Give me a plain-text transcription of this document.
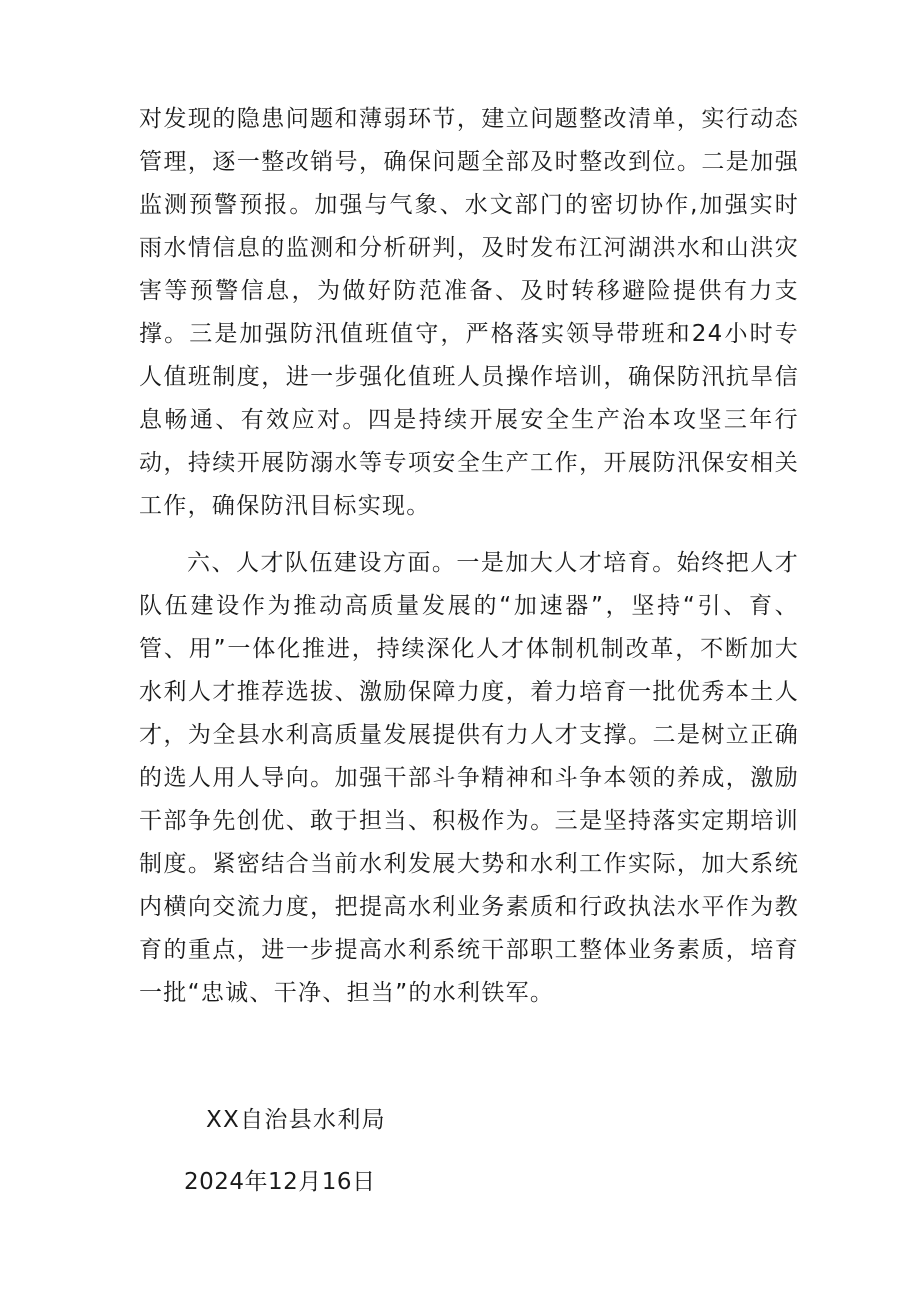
对发现的隐患问题和薄弱环节，建立问题整改清单，实行动态管理，逐一整改销号，确保问题全部及时整改到位。二是加强监测预警预报。加强与气象、水文部门的密切协作,加强实时雨水情信息的监测和分析研判，及时发布江河湖洪水和山洪灾害等预警信息，为做好防范准备、及时转移避险提供有力支撑。三是加强防汛值班值守，严格落实领导带班和24小时专人值班制度，进一步强化值班人员操作培训，确保防汛抗旱信息畅通、有效应对。四是持续开展安全生产治本攻坚三年行动，持续开展防溺水等专项安全生产工作，开展防汛保安相关工作，确保防汛目标实现。

六、人才队伍建设方面。一是加大人才培育。始终把人才队伍建设作为推动高质量发展的“加速器”，坚持“引、育、管、用”一体化推进，持续深化人才体制机制改革，不断加大水利人才推荐选拔、激励保障力度，着力培育一批优秀本土人才，为全县水利高质量发展提供有力人才支撑。二是树立正确的选人用人导向。加强干部斗争精神和斗争本领的养成，激励干部争先创优、敢于担当、积极作为。三是坚持落实定期培训制度。紧密结合当前水利发展大势和水利工作实际，加大系统内横向交流力度，把提高水利业务素质和行政执法水平作为教育的重点，进一步提高水利系统干部职工整体业务素质，培育一批“忠诚、干净、担当”的水利铁军。

XX自治县水利局
2024年12月16日
